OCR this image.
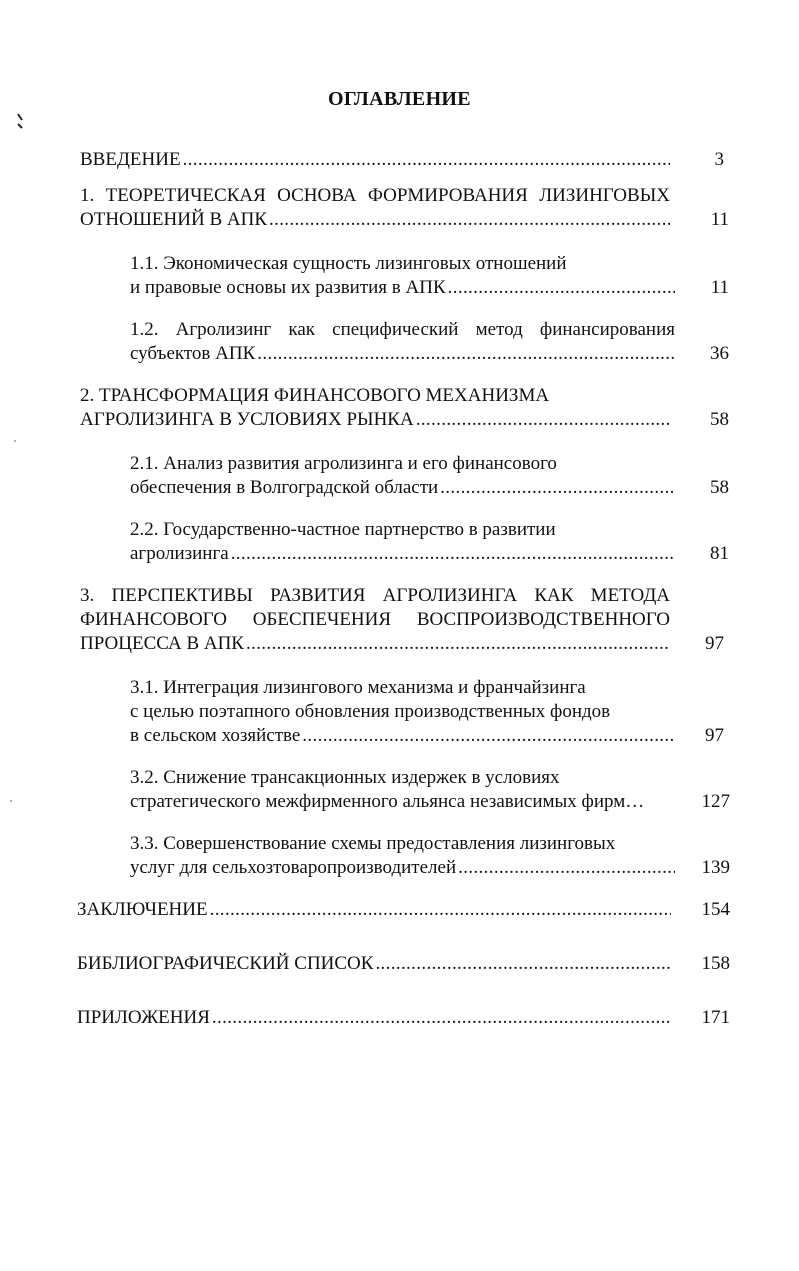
ОГЛАВЛЕНИЕ
ВВЕДЕНИЕ . . .	3
1. ТЕОРЕТИЧЕСКАЯ ОСНОВА ФОРМИРОВАНИЯ ЛИЗИНГОВЫХ
ОТНОШЕНИЙ В АПК . . .	11
1.1. Экономическая сущность лизинговых отношений
и правовые основы их развития в АПК . . .	11
1.2. Агролизинг как специфический метод финансирования
субъектов АПК . . .	36
2. ТРАНСФОРМАЦИЯ ФИНАНСОВОГО МЕХАНИЗМА
АГРОЛИЗИНГА В УСЛОВИЯХ РЫНКА . . .	58
2.1. Анализ развития агролизинга и его финансового
обеспечения в Волгоградской области . . .	58
2.2. Государственно-частное партнерство в развитии
агролизинга . . .	81
3. ПЕРСПЕКТИВЫ РАЗВИТИЯ АГРОЛИЗИНГА КАК МЕТОДА
ФИНАНСОВОГО ОБЕСПЕЧЕНИЯ ВОСПРОИЗВОДСТВЕННОГО
ПРОЦЕССА В АПК . . .	97
3.1. Интеграция лизингового механизма и франчайзинга
с целью поэтапного обновления производственных фондов
в сельском хозяйстве . . .	97
3.2. Снижение трансакционных издержек в условиях
стратегического межфирменного альянса независимых фирм…	127
3.3. Совершенствование схемы предоставления лизинговых
услуг для сельхозтоваропроизводителей . . .	139
ЗАКЛЮЧЕНИЕ . . .	154
БИБЛИОГРАФИЧЕСКИЙ СПИСОК . . .	158
ПРИЛОЖЕНИЯ . . .	171
